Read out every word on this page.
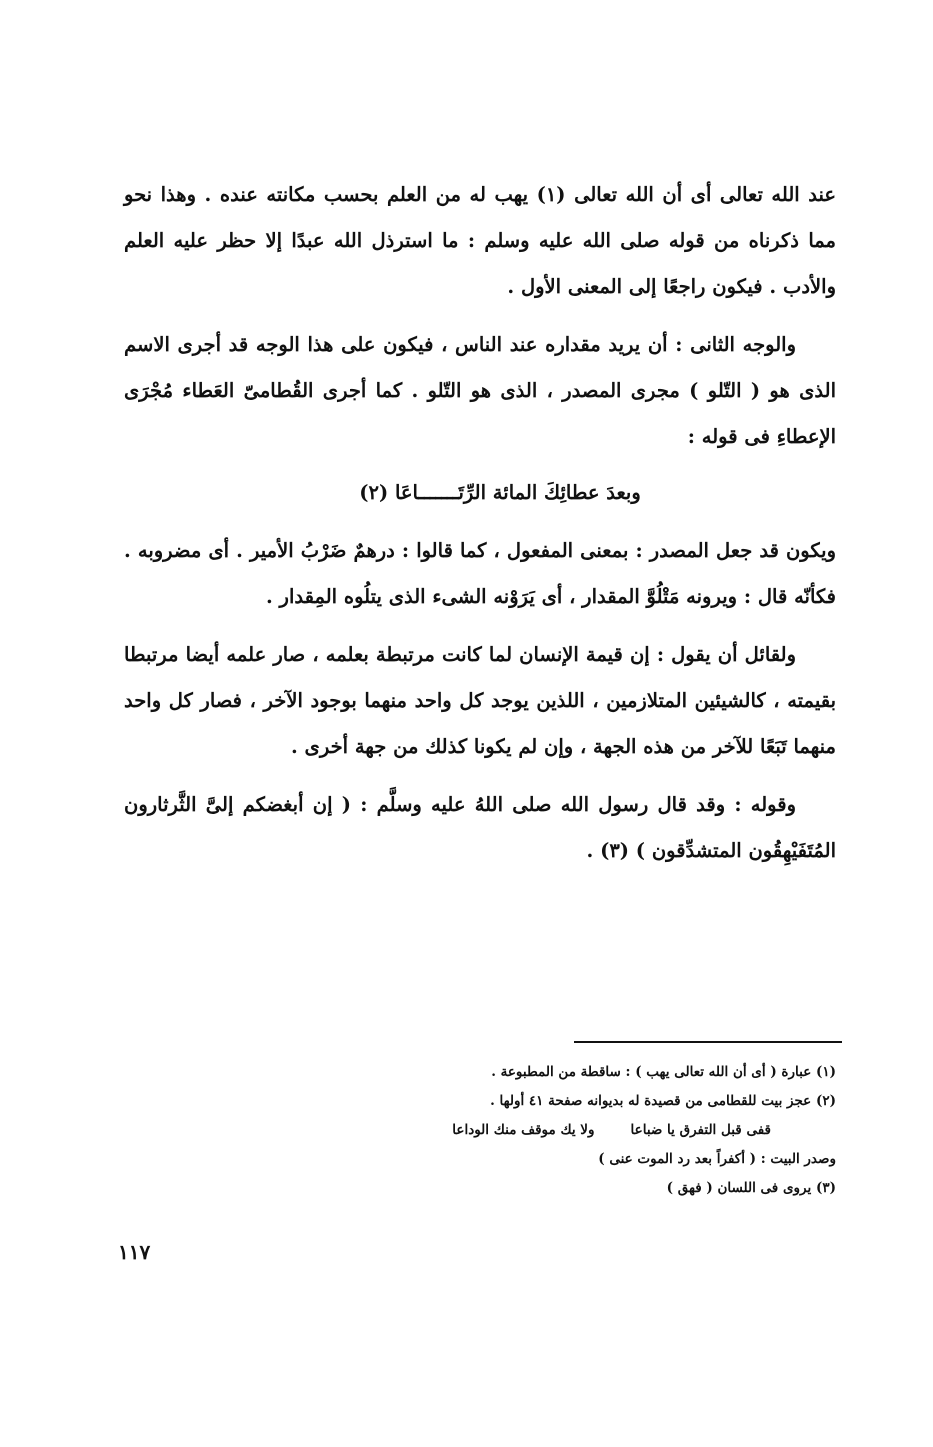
عند الله تعالى أى أن الله تعالى (١) يهب له من العلم بحسب مكانته عنده . وهذا نحو مما ذكرناه من قوله صلى الله عليه وسلم : ما استرذل الله عبدًا إلا حظر عليه العلم والأدب . فيكون راجعًا إلى المعنى الأول .

والوجه الثانى : أن يريد مقداره عند الناس ، فيكون على هذا الوجه قد أجرى الاسم الذى هو ( التّلو ) مجرى المصدر ، الذى هو التّلو . كما أجرى القُطامىّ العَطاء مُجْرَى الإعطاءِ فى قوله :

وبعدَ عطائِكَ المائة الرِّتَـــــــاعَا (٢)

ويكون قد جعل المصدر : بمعنى المفعول ، كما قالوا : درهمٌ ضَرْبُ الأمير . أى مضروبه . فكأنّه قال : ويرونه مَتْلُوَّ المقدار ، أى يَرَوْنه الشىء الذى يتلُوه المِقدار .

ولقائل أن يقول : إن قيمة الإنسان لما كانت مرتبطة بعلمه ، صار علمه أيضا مرتبطا بقيمته ، كالشيئين المتلازمين ، اللذين يوجد كل واحد منهما بوجود الآخر ، فصار كل واحد منهما تَبَعًا للآخر من هذه الجهة ، وإن لم يكونا كذلك من جهة أخرى .

وقوله : وقد قال رسول الله صلى اللهُ عليه وسلَّم : ( إن أبغضكم إلىَّ الثَّرثارون المُتَفَيْهِقُون المتشدِّقون ) (٣) .

(١) عبارة ( أى أن الله تعالى يهب ) : ساقطة من المطبوعة .

(٢) عجز بيت للقطامى من قصيدة له بديوانه صفحة ٤١ أولها .

قفى قبل التفرق يا ضباعاولا يك موقف منك الوداعا

وصدر البيت : ( أكفراً بعد رد الموت عنى )

(٣) يروى فى اللسان ( فهق )

١١٧
